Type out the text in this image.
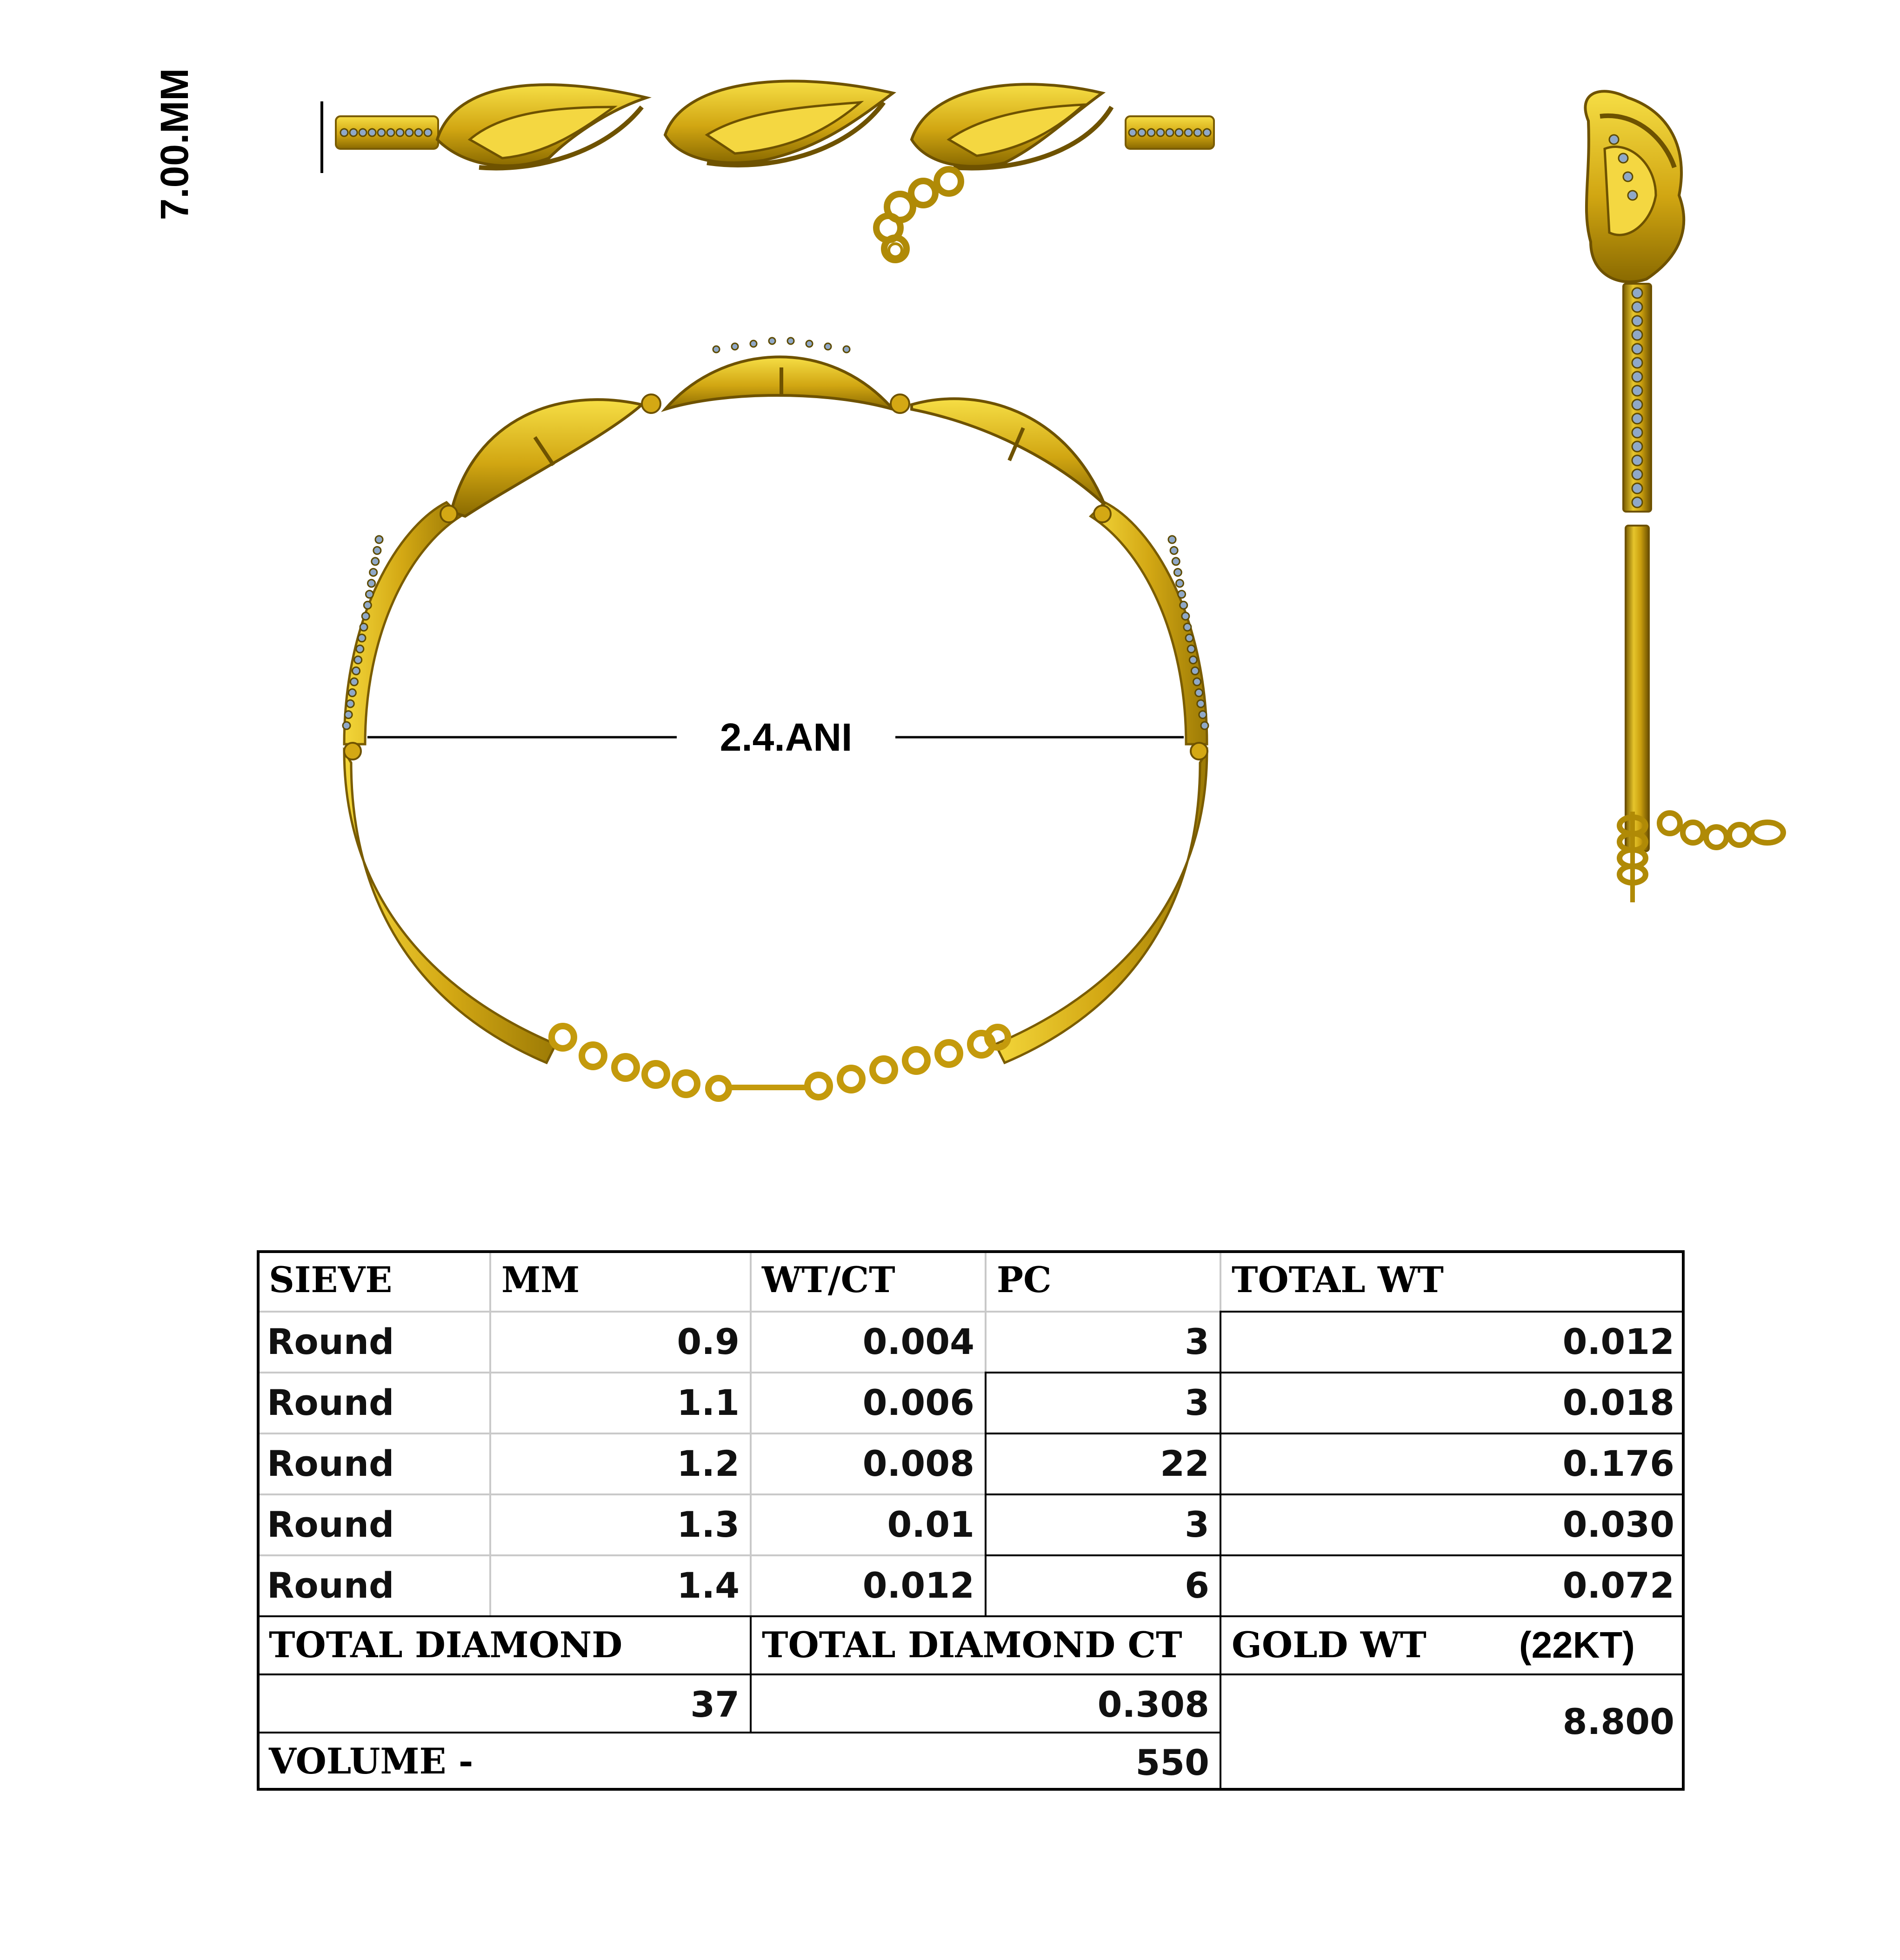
7.00.MM
2.4.ANI
SIEVE	MM	WT/CT	PC	TOTAL WT
Round	0.9	0.004	3	0.012
Round	1.1	0.006	3	0.018
Round	1.2	0.008	22	0.176
Round	1.3	0.01	3	0.030
Round	1.4	0.012	6	0.072
TOTAL DIAMOND	TOTAL DIAMOND CT	GOLD WT (22KT)
37	0.308	8.800
VOLUME -	550
